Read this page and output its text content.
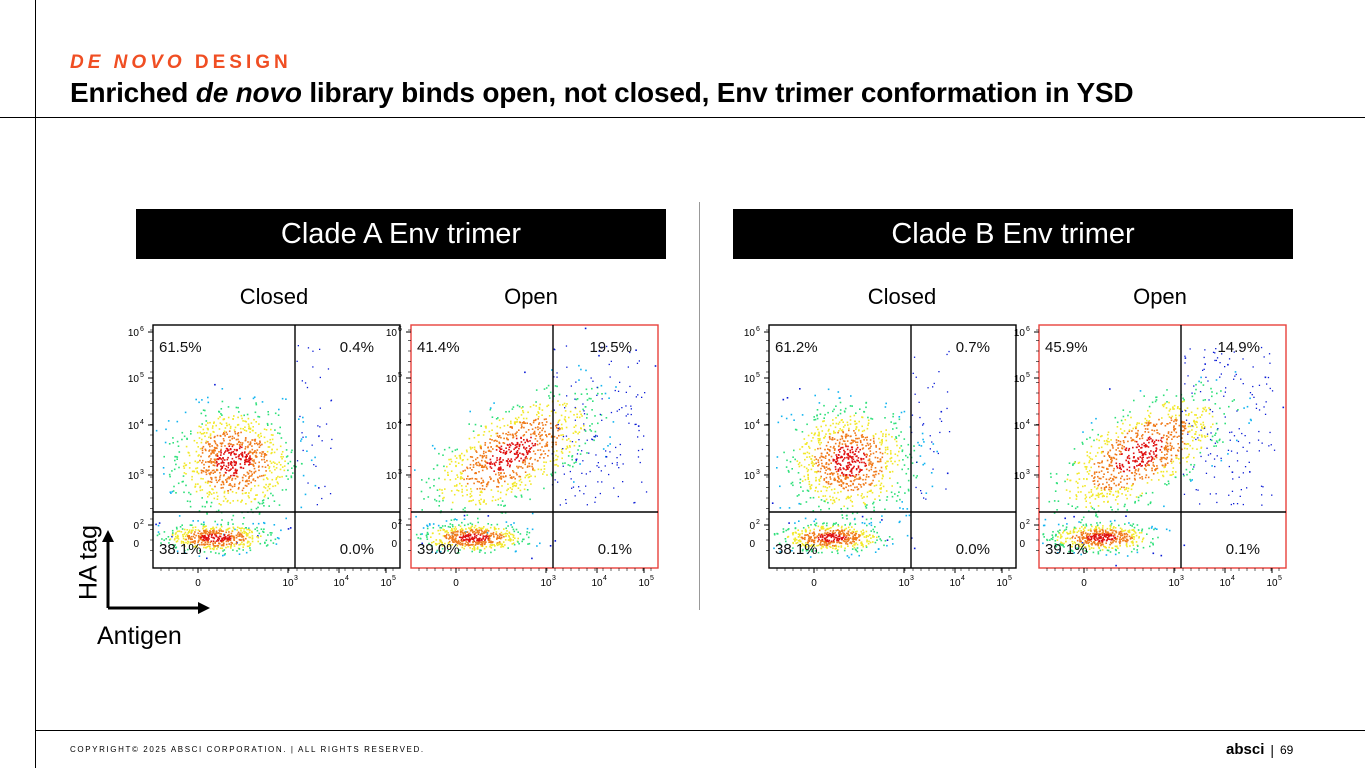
DE NOVO DESIGN
Enriched de novo library binds open, not closed, Env trimer conformation in YSD
Clade A Env trimer	Clade B Env trimer
Closed	Open	Closed	Open
61.5%	0.4%
38.1%	0.0%
10 6
10 5
10 4
10 3
0 2
0
0	10 3	10 4	10 5
41.4%	19.5%
39.0%	0.1%
10 6
10 5
10 4
10 3
0 2
0
0	10 3	10 4	10 5
61.2%	0.7%
38.1%	0.0%
10 6
10 5
10 4
10 3
0 2
0
0	10 3	10 4	10 5
45.9%	14.9%
39.1%	0.1%
10 6
10 5
10 4
10 3
0 2
0
0	10 3	10 4	10 5
HA tag
Antigen
COPYRIGHT© 2025 ABSCI CORPORATION. | ALL RIGHTS RESERVED.	absci | 69
